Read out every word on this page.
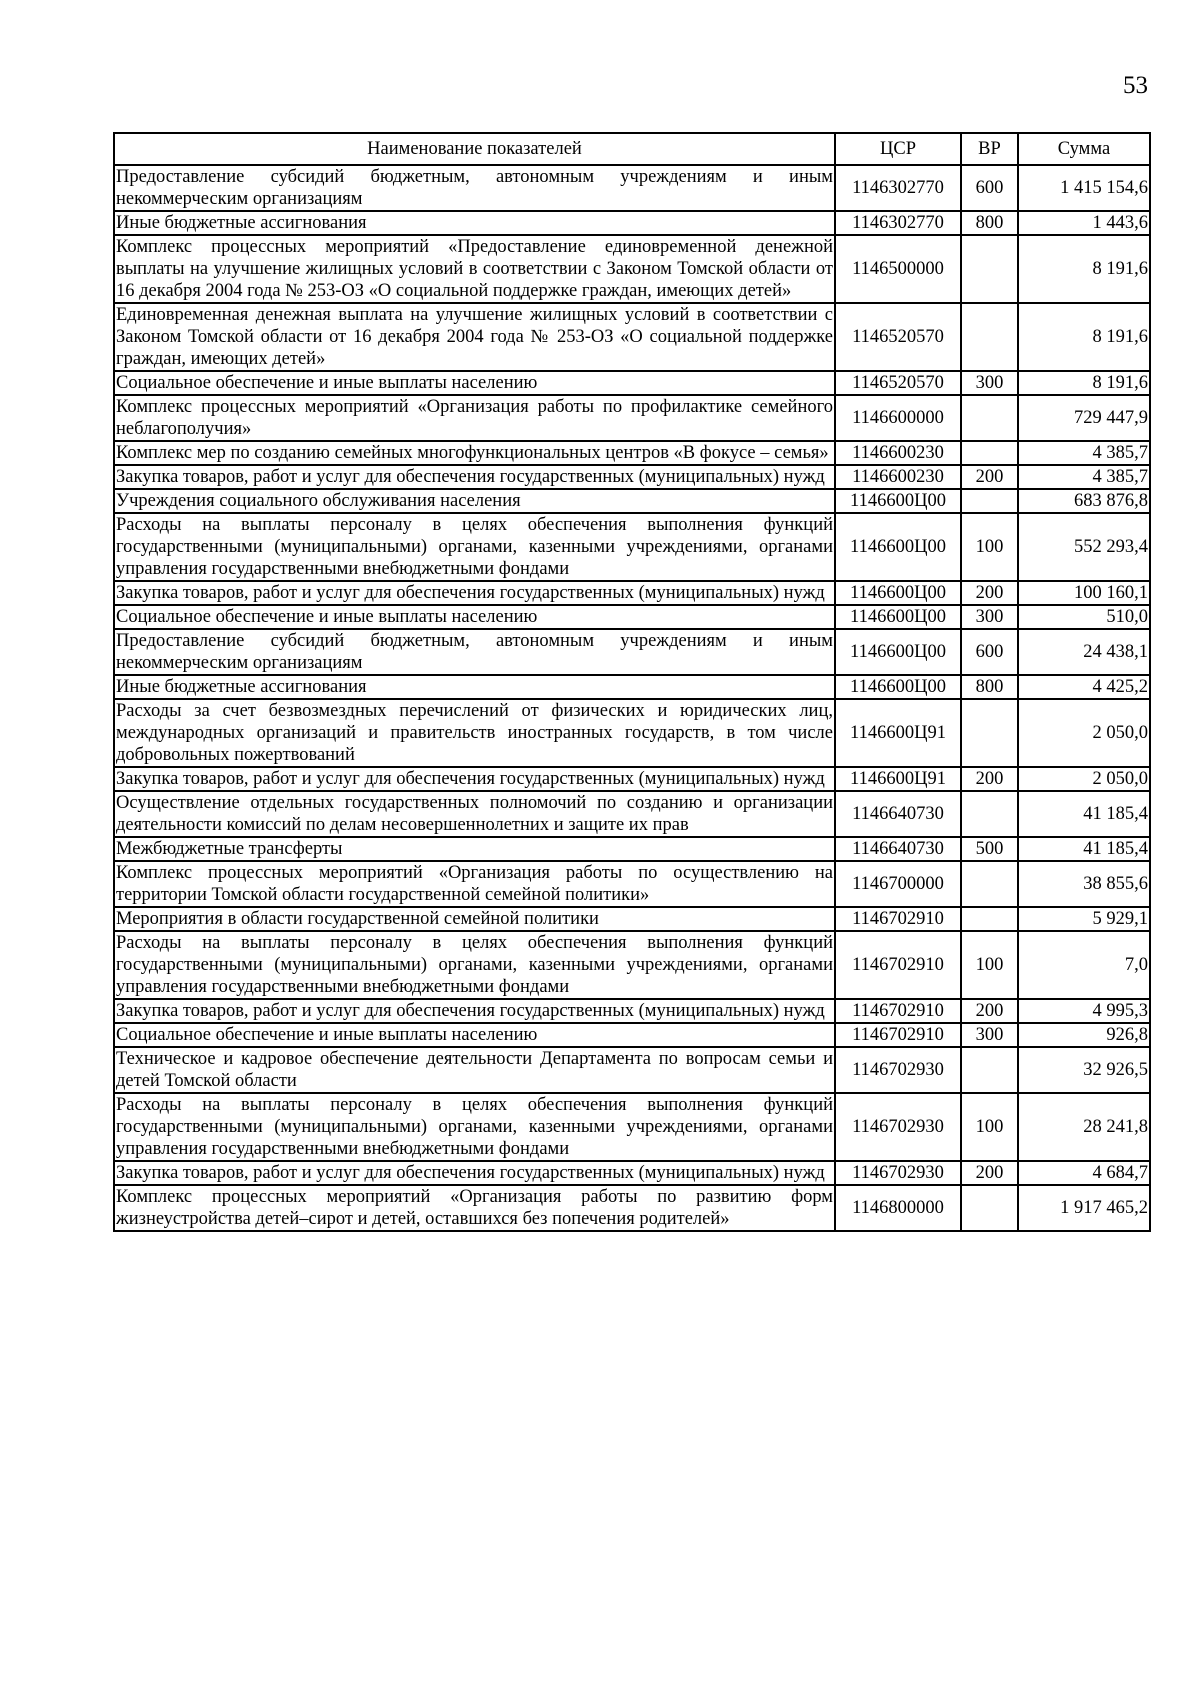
53
Наименование показателей	ЦСР	ВР	Сумма
Предоставление субсидий бюджетным, автономным учреждениям и иным некоммерческим организациям	1146302770	600	1 415 154,6
Иные бюджетные ассигнования	1146302770	800	1 443,6
Комплекс процессных мероприятий «Предоставление единовременной денежной выплаты на улучшение жилищных условий в соответствии с Законом Томской области от 16 декабря 2004 года № 253-ОЗ «О социальной поддержке граждан, имеющих детей»	1146500000		8 191,6
Единовременная денежная выплата на улучшение жилищных условий в соответствии с Законом Томской области от 16 декабря 2004 года № 253-ОЗ «О социальной поддержке граждан, имеющих детей»	1146520570		8 191,6
Социальное обеспечение и иные выплаты населению	1146520570	300	8 191,6
Комплекс процессных мероприятий «Организация работы по профилактике семейного неблагополучия»	1146600000		729 447,9
Комплекс мер по созданию семейных многофункциональных центров «В фокусе – семья»	1146600230		4 385,7
Закупка товаров, работ и услуг для обеспечения государственных (муниципальных) нужд	1146600230	200	4 385,7
Учреждения социального обслуживания населения	1146600Ц00		683 876,8
Расходы на выплаты персоналу в целях обеспечения выполнения функций государственными (муниципальными) органами, казенными учреждениями, органами управления государственными внебюджетными фондами	1146600Ц00	100	552 293,4
Закупка товаров, работ и услуг для обеспечения государственных (муниципальных) нужд	1146600Ц00	200	100 160,1
Социальное обеспечение и иные выплаты населению	1146600Ц00	300	510,0
Предоставление субсидий бюджетным, автономным учреждениям и иным некоммерческим организациям	1146600Ц00	600	24 438,1
Иные бюджетные ассигнования	1146600Ц00	800	4 425,2
Расходы за счет безвозмездных перечислений от физических и юридических лиц, международных организаций и правительств иностранных государств, в том числе добровольных пожертвований	1146600Ц91		2 050,0
Закупка товаров, работ и услуг для обеспечения государственных (муниципальных) нужд	1146600Ц91	200	2 050,0
Осуществление отдельных государственных полномочий по созданию и организации деятельности комиссий по делам несовершеннолетних и защите их прав	1146640730		41 185,4
Межбюджетные трансферты	1146640730	500	41 185,4
Комплекс процессных мероприятий «Организация работы по осуществлению на территории Томской области государственной семейной политики»	1146700000		38 855,6
Мероприятия в области государственной семейной политики	1146702910		5 929,1
Расходы на выплаты персоналу в целях обеспечения выполнения функций государственными (муниципальными) органами, казенными учреждениями, органами управления государственными внебюджетными фондами	1146702910	100	7,0
Закупка товаров, работ и услуг для обеспечения государственных (муниципальных) нужд	1146702910	200	4 995,3
Социальное обеспечение и иные выплаты населению	1146702910	300	926,8
Техническое и кадровое обеспечение деятельности Департамента по вопросам семьи и детей Томской области	1146702930		32 926,5
Расходы на выплаты персоналу в целях обеспечения выполнения функций государственными (муниципальными) органами, казенными учреждениями, органами управления государственными внебюджетными фондами	1146702930	100	28 241,8
Закупка товаров, работ и услуг для обеспечения государственных (муниципальных) нужд	1146702930	200	4 684,7
Комплекс процессных мероприятий «Организация работы по развитию форм жизнеустройства детей–сирот и детей, оставшихся без попечения родителей»	1146800000		1 917 465,2
